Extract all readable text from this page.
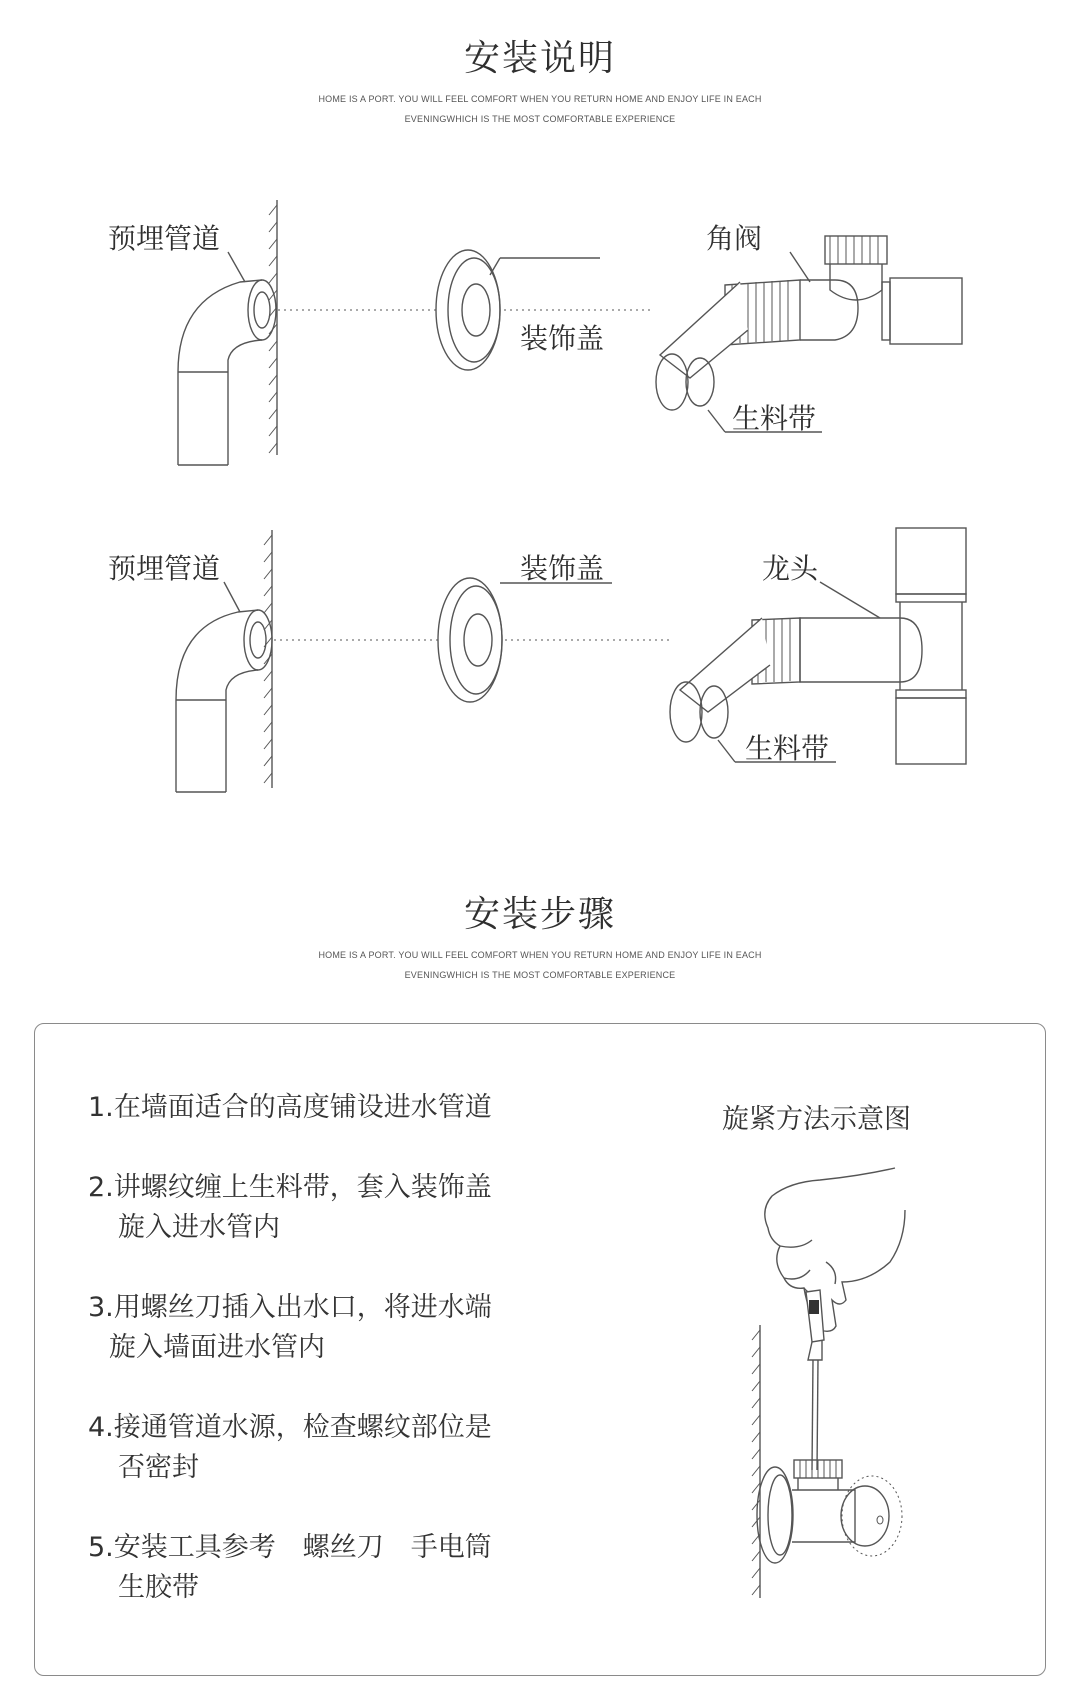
安装说明
HOME IS A PORT. YOU WILL FEEL COMFORT WHEN YOU RETURN HOME AND ENJOY LIFE IN EACH
EVENINGWHICH IS THE MOST COMFORTABLE EXPERIENCE
预埋管道
装饰盖
角阀
生料带
预埋管道	装饰盖	龙头
生料带
安装步骤
HOME IS A PORT. YOU WILL FEEL COMFORT WHEN YOU RETURN HOME AND ENJOY LIFE IN EACH
EVENINGWHICH IS THE MOST COMFORTABLE EXPERIENCE
1.在墙面适合的高度铺设进水管道
2.讲螺纹缠上生料带，套入装饰盖
旋入进水管内
3.用螺丝刀插入出水口，将进水端
旋入墙面进水管内
4.接通管道水源，检查螺纹部位是
否密封
5.安装工具参考　螺丝刀　手电筒
生胶带
旋紧方法示意图
